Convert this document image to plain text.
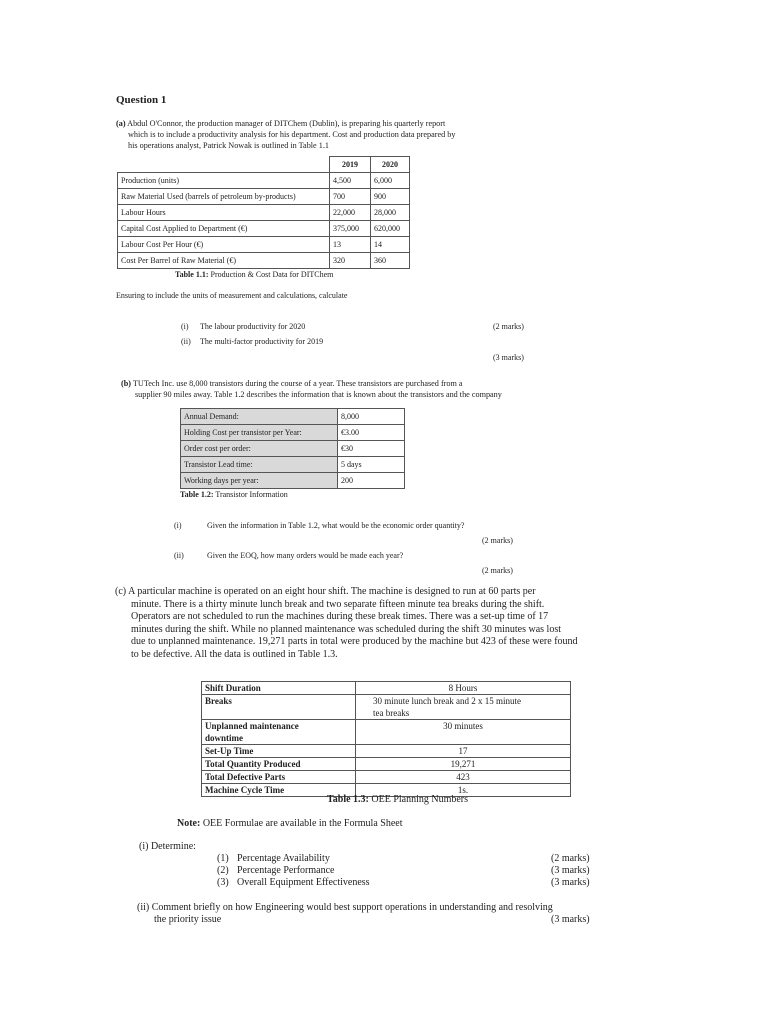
Question 1
(a) Abdul O'Connor, the production manager of DITChem (Dublin), is preparing his quarterly report
which is to include a productivity analysis for his department. Cost and production data prepared by
his operations analyst, Patrick Nowak is outlined in Table 1.1
	2019	2020
Production (units)	4,500	6,000
Raw Material Used (barrels of petroleum by-products)	700	900
Labour Hours	22,000	28,000
Capital Cost Applied to Department (€)	375,000	620,000
Labour Cost Per Hour (€)	13	14
Cost Per Barrel of Raw Material (€)	320	360
Table 1.1: Production & Cost Data for DITChem
Ensuring to include the units of measurement and calculations, calculate
(i) The labour productivity for 2020	(2 marks)
(ii) The multi-factor productivity for 2019
(3 marks)
(b) TUTech Inc. use 8,000 transistors during the course of a year. These transistors are purchased from a
supplier 90 miles away. Table 1.2 describes the information that is known about the transistors and the company
Annual Demand:	8,000
Holding Cost per transistor per Year:	€3.00
Order cost per order:	€30
Transistor Lead time:	5 days
Working days per year:	200
Table 1.2: Transistor Information
(i)	Given the information in Table 1.2, what would be the economic order quantity?
(2 marks)
(ii)	Given the EOQ, how many orders would be made each year?
(2 marks)
(c) A particular machine is operated on an eight hour shift. The machine is designed to run at 60 parts per
minute. There is a thirty minute lunch break and two separate fifteen minute tea breaks during the shift.
Operators are not scheduled to run the machines during these break times. There was a set-up time of 17
minutes during the shift. While no planned maintenance was scheduled during the shift 30 minutes was lost
due to unplanned maintenance. 19,271 parts in total were produced by the machine but 423 of these were found
to be defective. All the data is outlined in Table 1.3.
Shift Duration	8 Hours

Breaks	30 minute lunch break and 2 x 15 minute
tea breaks

Unplanned maintenance
downtime	30 minutes

Set-Up Time	17

Total Quantity Produced	19,271

Total Defective Parts	423

Machine Cycle Time	1s.
Table 1.3: OEE Planning Numbers
Note: OEE Formulae are available in the Formula Sheet
(i) Determine:
(1) Percentage Availability	(2 marks)
(2) Percentage Performance	(3 marks)
(3) Overall Equipment Effectiveness	(3 marks)
(ii) Comment briefly on how Engineering would best support operations in understanding and resolving
the priority issue	(3 marks)
